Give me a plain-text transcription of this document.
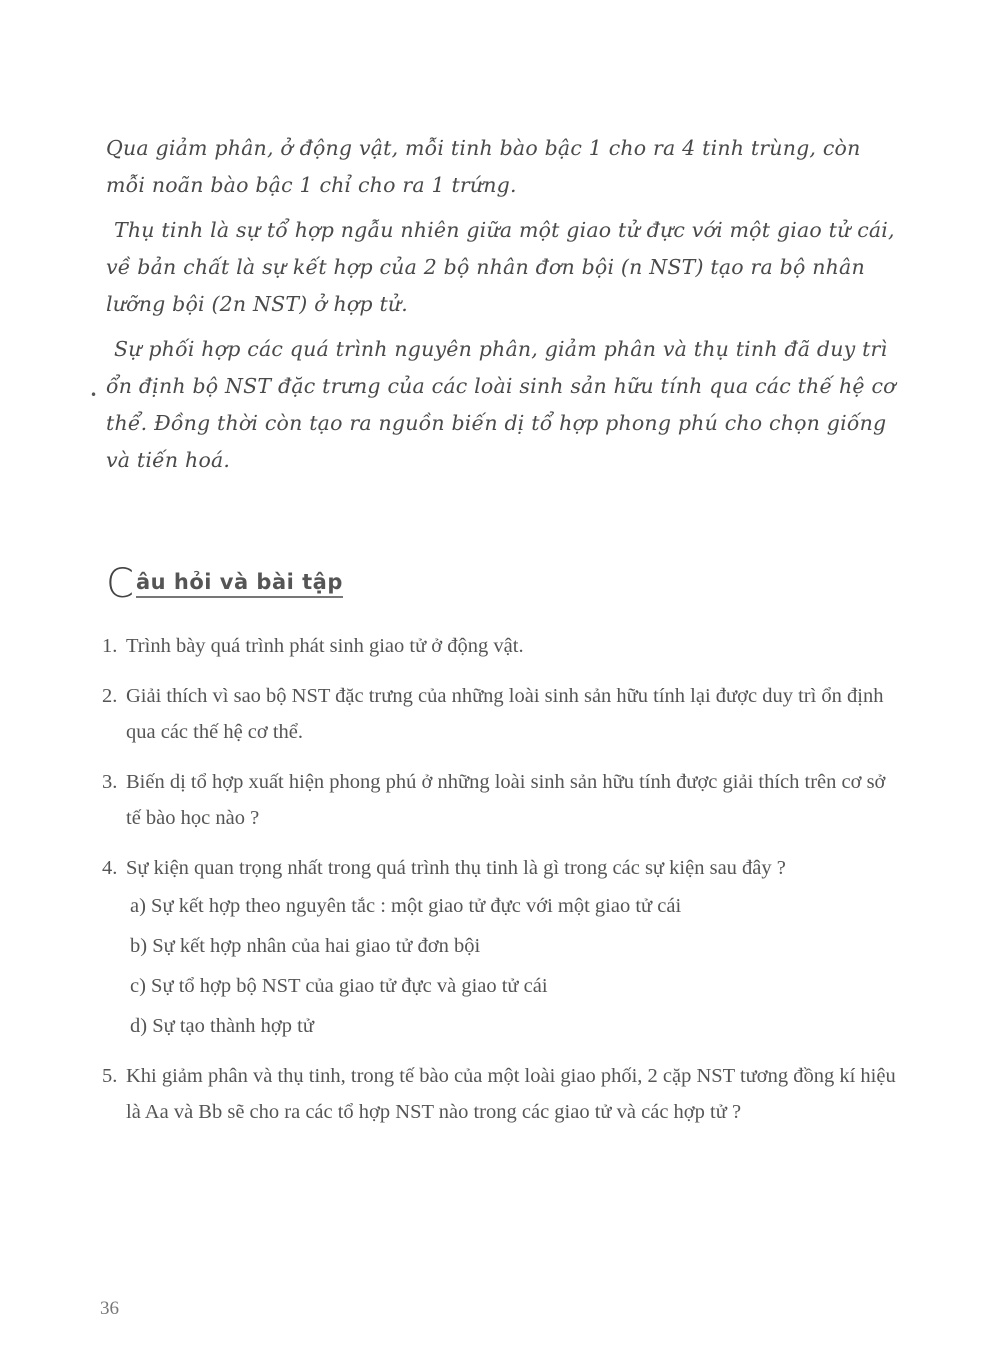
Qua giảm phân, ở động vật, mỗi tinh bào bậc 1 cho ra 4 tinh trùng, còn mỗi noãn bào bậc 1 chỉ cho ra 1 trứng.

Thụ tinh là sự tổ hợp ngẫu nhiên giữa một giao tử đực với một giao tử cái, về bản chất là sự kết hợp của 2 bộ nhân đơn bội (n NST) tạo ra bộ nhân lưỡng bội (2n NST) ở hợp tử.

Sự phối hợp các quá trình nguyên phân, giảm phân và thụ tinh đã duy trì ổn định bộ NST đặc trưng của các loài sinh sản hữu tính qua các thế hệ cơ thể. Đồng thời còn tạo ra nguồn biến dị tổ hợp phong phú cho chọn giống và tiến hoá.

•
C âu hỏi và bài tập
1. Trình bày quá trình phát sinh giao tử ở động vật.
2. Giải thích vì sao bộ NST đặc trưng của những loài sinh sản hữu tính lại được duy trì ổn định qua các thế hệ cơ thể.
3. Biến dị tổ hợp xuất hiện phong phú ở những loài sinh sản hữu tính được giải thích trên cơ sở tế bào học nào ?
4. Sự kiện quan trọng nhất trong quá trình thụ tinh là gì trong các sự kiện sau đây ?
a) Sự kết hợp theo nguyên tắc : một giao tử đực với một giao tử cái
b) Sự kết hợp nhân của hai giao tử đơn bội
c) Sự tổ hợp bộ NST của giao tử đực và giao tử cái
d) Sự tạo thành hợp tử
5. Khi giảm phân và thụ tinh, trong tế bào của một loài giao phối, 2 cặp NST tương đồng kí hiệu là Aa và Bb sẽ cho ra các tổ hợp NST nào trong các giao tử và các hợp tử ?
36
